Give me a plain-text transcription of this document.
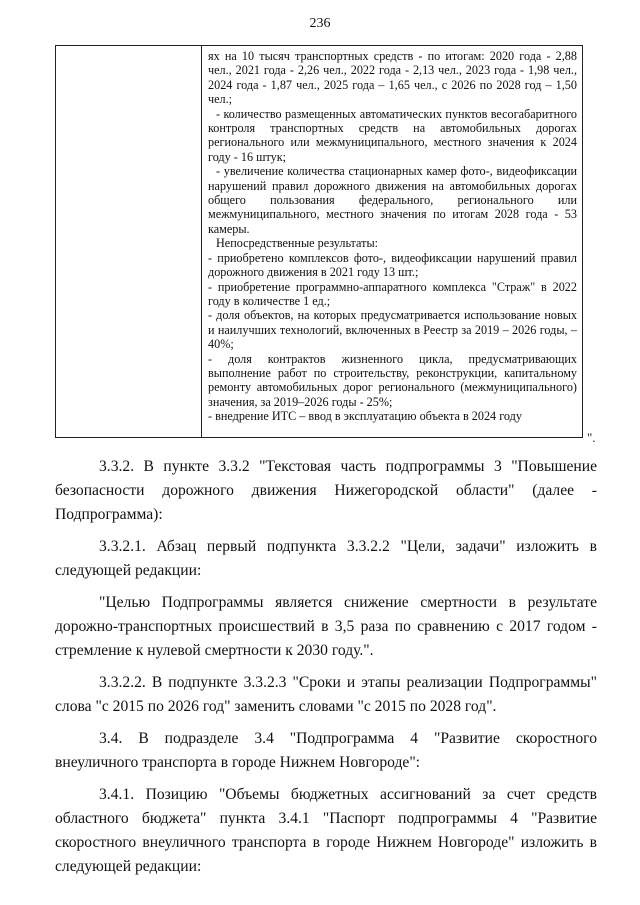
236

ях на 10 тысяч транспортных средств - по итогам: 2020 года - 2,88 чел., 2021 года - 2,26 чел., 2022 года - 2,13 чел., 2023 года - 1,98 чел., 2024 года - 1,87 чел., 2025 года – 1,65 чел., с 2026 по 2028 год – 1,50 чел.;

- количество размещенных автоматических пунктов весогабаритного контроля транспортных средств на автомобильных дорогах регионального или межмуниципального, местного значения к 2024 году - 16 штук;

- увеличение количества стационарных камер фото-, видеофиксации нарушений правил дорожного движения на автомобильных дорогах общего пользования федерального, регионального или межмуниципального, местного значения по итогам 2028 года - 53 камеры.

Непосредственные результаты:

- приобретено комплексов фото-, видеофиксации нарушений правил дорожного движения в 2021 году 13 шт.;

- приобретение программно-аппаратного комплекса "Страж" в 2022 году в количестве 1 ед.;

- доля объектов, на которых предусматривается использование новых и наилучших технологий, включенных в Реестр за 2019 – 2026 годы, – 40%;

- доля контрактов жизненного цикла, предусматривающих выполнение работ по строительству, реконструкции, капитальному ремонту автомобильных дорог регионального (межмуниципального) значения, за 2019–2026 годы - 25%;

- внедрение ИТС – ввод в эксплуатацию объекта в 2024 году

".

3.3.2. В пункте 3.3.2 "Текстовая часть подпрограммы 3 "Повышение безопасности дорожного движения Нижегородской области" (далее - Подпрограмма):

3.3.2.1. Абзац первый подпункта 3.3.2.2 "Цели, задачи" изложить в следующей редакции:

"Целью Подпрограммы является снижение смертности в результате дорожно-транспортных происшествий в 3,5 раза по сравнению с 2017 годом - стремление к нулевой смертности к 2030 году.".

3.3.2.2. В подпункте 3.3.2.3 "Сроки и этапы реализации Подпрограммы" слова "с 2015 по 2026 год" заменить словами "с 2015 по 2028 год".

3.4. В подразделе 3.4 "Подпрограмма 4 "Развитие скоростного внеуличного транспорта в городе Нижнем Новгороде":

3.4.1. Позицию "Объемы бюджетных ассигнований за счет средств областного бюджета" пункта 3.4.1 "Паспорт подпрограммы 4 "Развитие скоростного внеуличного транспорта в городе Нижнем Новгороде" изложить в следующей редакции:
